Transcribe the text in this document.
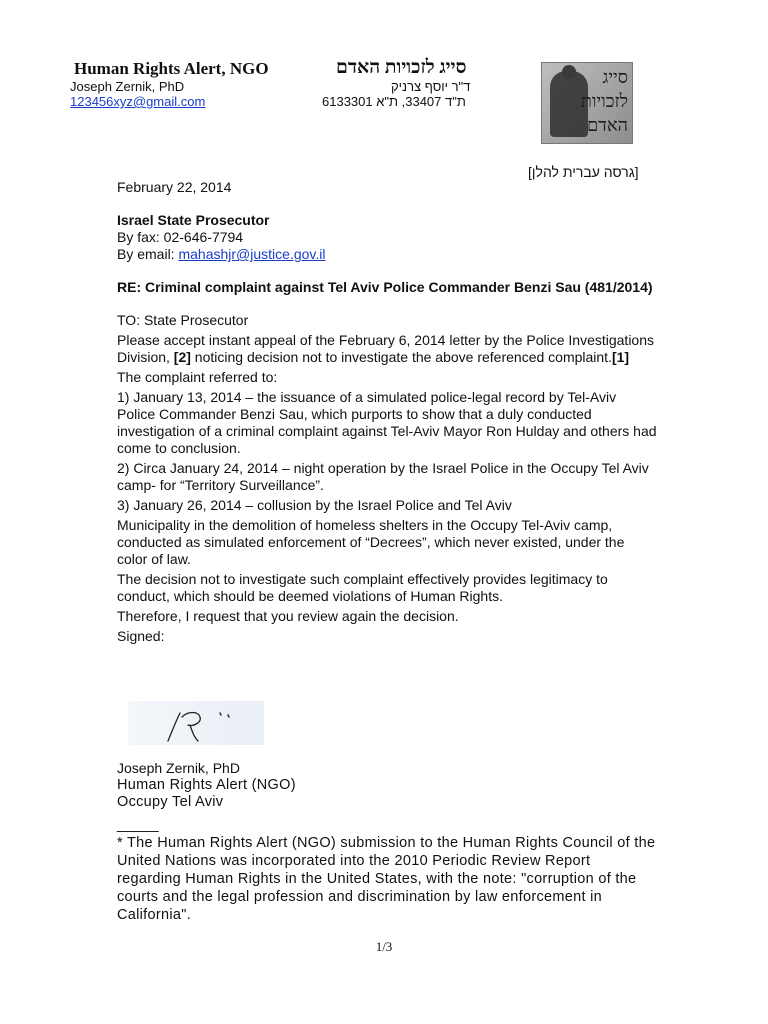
Human Rights Alert, NGO	סייג לזכויות האדם
Joseph Zernik, PhD	ד"ר יוסף צרניק
123456xyz@gmail.com	ת"ד 33407, ת"א 6133301
סייג
לזכויות
האדם
[גרסה עברית להלן]

February 22, 2014

Israel State Prosecutor

By fax: 02-646-7794

By email: mahashjr@justice.gov.il

RE: Criminal complaint against Tel Aviv Police Commander Benzi Sau (481/2014)

TO: State Prosecutor

Please accept instant appeal of the February 6, 2014 letter by the Police Investigations Division, [2] noticing decision not to investigate the above referenced complaint.[1]

The complaint referred to:

1) January 13, 2014 – the issuance of a simulated police-legal record by Tel-Aviv Police Commander Benzi Sau, which purports to show that a duly conducted investigation of a criminal complaint against Tel-Aviv Mayor Ron Hulday and others had come to conclusion.

2) Circa January 24, 2014 – night operation by the Israel Police in the Occupy Tel Aviv camp- for “Territory Surveillance”.

3) January 26, 2014 – collusion by the Israel Police and Tel Aviv

Municipality in the demolition of homeless shelters in the Occupy Tel-Aviv camp, conducted as simulated enforcement of “Decrees”, which never existed, under the color of law.

The decision not to investigate such complaint effectively provides legitimacy to conduct, which should be deemed violations of Human Rights.

Therefore, I request that you review again the decision.

Signed:

Joseph Zernik, PhD
Human Rights Alert (NGO)
Occupy Tel Aviv
_____
* The Human Rights Alert (NGO) submission to the Human Rights Council of the United Nations was incorporated into the 2010 Periodic Review Report regarding Human Rights in the United States, with the note: "corruption of the courts and the legal profession and discrimination by law enforcement in California".
1/3
